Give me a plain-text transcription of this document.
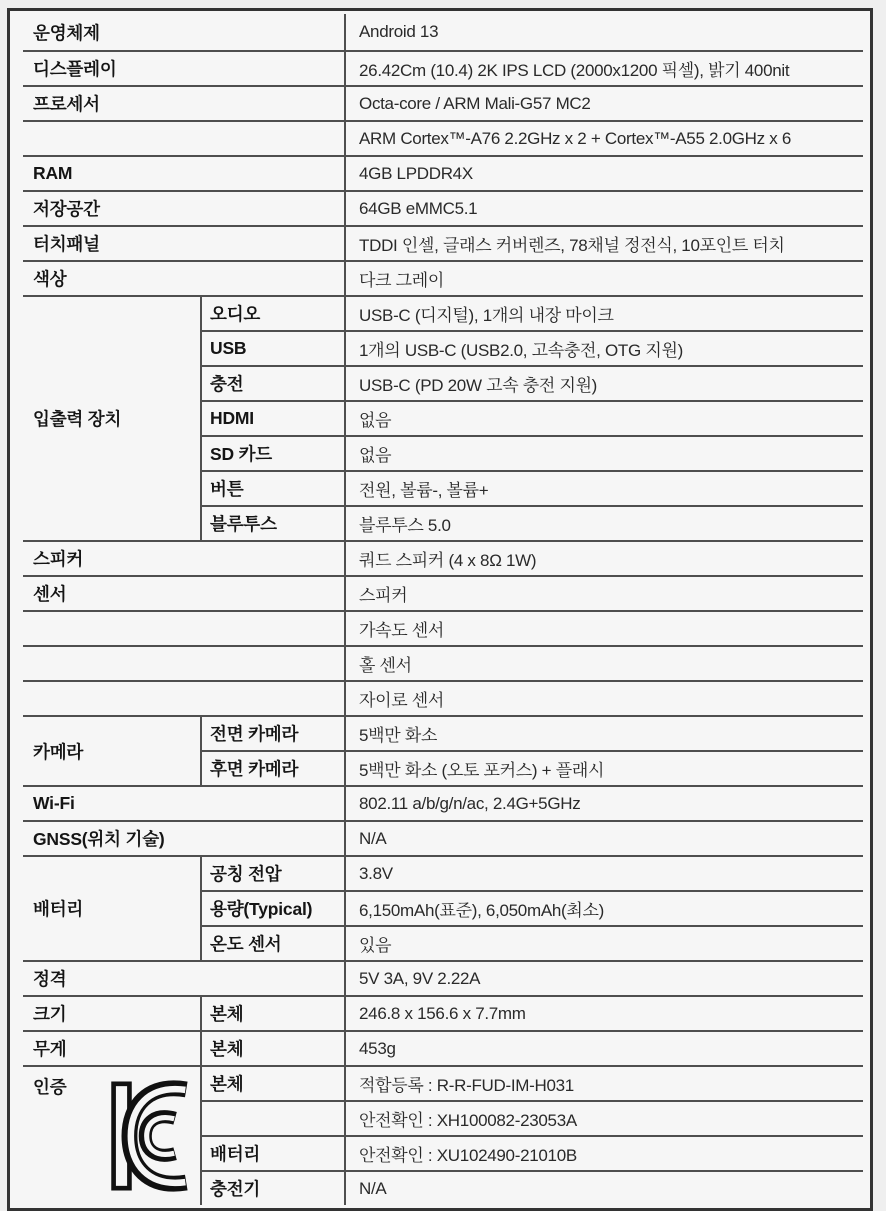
운영체제		Android 13
디스플레이		26.42Cm (10.4) 2K IPS LCD (2000x1200 픽셀), 밝기 400nit
프로세서		Octa-core / ARM Mali-G57 MC2
		ARM Cortex™-A76 2.2GHz x 2 + Cortex™-A55 2.0GHz x 6
RAM		4GB LPDDR4X
저장공간		64GB eMMC5.1
터치패널		TDDI 인셀, 글래스 커버렌즈, 78채널 정전식, 10포인트 터치
색상		다크 그레이
입출력 장치	오디오	USB-C (디지털), 1개의 내장 마이크
	USB	1개의 USB-C (USB2.0, 고속충전, OTG 지원)
	충전	USB-C (PD 20W 고속 충전 지원)
	HDMI	없음
	SD 카드	없음
	버튼	전원, 볼륨-, 볼륨+
	블루투스	블루투스 5.0
스피커		쿼드 스피커 (4 x 8Ω 1W)
센서		스피커
		가속도 센서
		홀 센서
		자이로 센서
카메라	전면 카메라	5백만 화소
	후면 카메라	5백만 화소 (오토 포커스) + 플래시
Wi-Fi		802.11 a/b/g/n/ac, 2.4G+5GHz
GNSS(위치 기술)		N/A
배터리	공칭 전압	3.8V
	용량(Typical)	6,150mAh(표준), 6,050mAh(최소)
	온도 센서	있음
정격		5V 3A, 9V 2.22A
크기	본체	246.8 x 156.6 x 7.7mm
무게	본체	453g
인증	본체	적합등록 : R-R-FUD-IM-H031
		안전확인 : XH100082-23053A
	배터리	안전확인 : XU102490-21010B
	충전기	N/A
